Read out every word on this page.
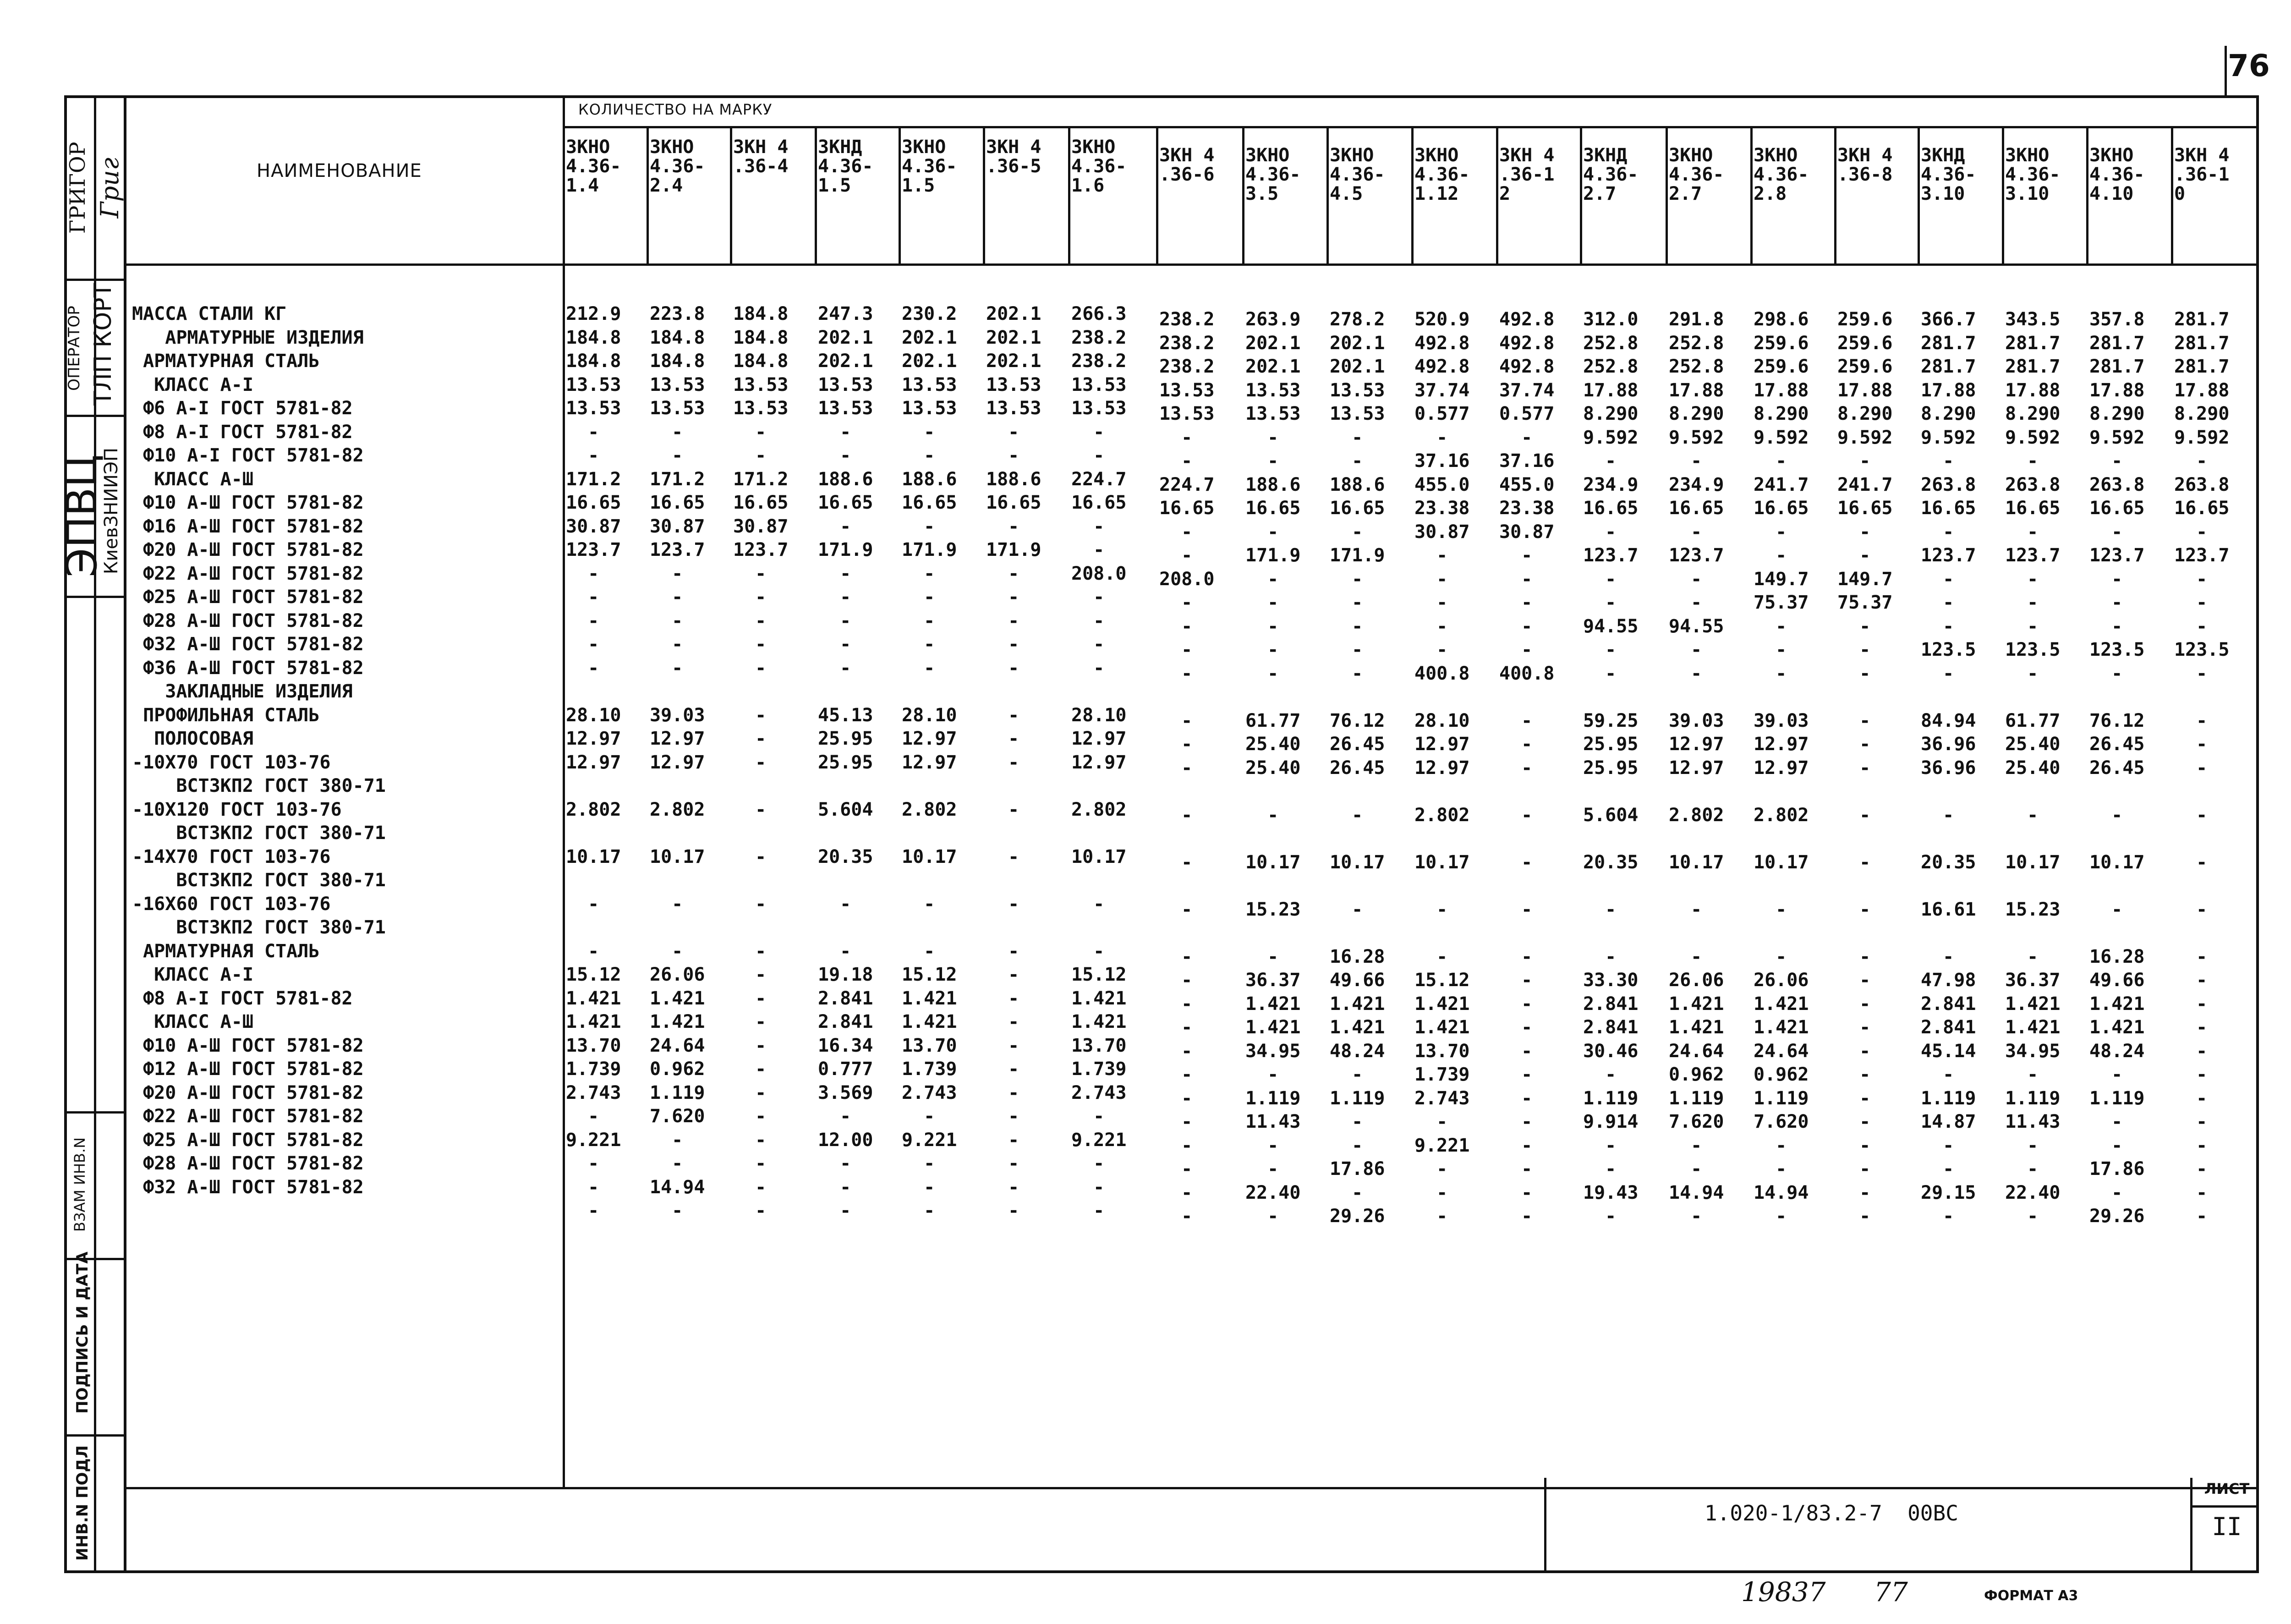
76
ГРИГОР Григ
ОПЕРАТОР ТЛП КОРТ
ЭПВЦ
КиевЗНИИЭП
ВЗАМ ИНВ.N
ПОДПИСЬ И ДАТА
ИНВ.N ПОДЛ
КОЛИЧЕСТВО НА МАРКУ
НАИМЕНОВАНИЕ
3КНО
4.36-
1.4
3КНО
4.36-
2.4
3КН 4
.36-4
3КНД
4.36-
1.5
3КНО
4.36-
1.5
3КН 4
.36-5
3КНО
4.36-
1.6
3КН 4
.36-6
3КНО
4.36-
3.5
3КНО
4.36-
4.5
3КНО
4.36-
1.12
3КН 4
.36-1
2
3КНД
4.36-
2.7
3КНО
4.36-
2.7
3КНО
4.36-
2.8
3КН 4
.36-8
3КНД
4.36-
3.10
3КНО
4.36-
3.10
3КНО
4.36-
4.10
3КН 4
.36-1
0
МАССА СТАЛИ КГ
АРМАТУРНЫЕ ИЗДЕЛИЯ
АРМАТУРНАЯ СТАЛЬ
КЛАСС А-I
Ф6 А-I ГОСТ 5781-82
Ф8 А-I ГОСТ 5781-82
Ф10 А-I ГОСТ 5781-82
КЛАСС А-Ш
Ф10 А-Ш ГОСТ 5781-82
Ф16 А-Ш ГОСТ 5781-82
Ф20 А-Ш ГОСТ 5781-82
Ф22 А-Ш ГОСТ 5781-82
Ф25 А-Ш ГОСТ 5781-82
Ф28 А-Ш ГОСТ 5781-82
Ф32 А-Ш ГОСТ 5781-82
Ф36 А-Ш ГОСТ 5781-82
ЗАКЛАДНЫЕ ИЗДЕЛИЯ
ПРОФИЛЬНАЯ СТАЛЬ
ПОЛОСОВАЯ
-10Х70 ГОСТ 103-76
ВСТ3КП2 ГОСТ 380-71
-10Х120 ГОСТ 103-76
ВСТ3КП2 ГОСТ 380-71
-14Х70 ГОСТ 103-76
ВСТ3КП2 ГОСТ 380-71
-16Х60 ГОСТ 103-76
ВСТ3КП2 ГОСТ 380-71
АРМАТУРНАЯ СТАЛЬ
КЛАСС А-I
Ф8 А-I ГОСТ 5781-82
КЛАСС А-Ш
Ф10 А-Ш ГОСТ 5781-82
Ф12 А-Ш ГОСТ 5781-82
Ф20 А-Ш ГОСТ 5781-82
Ф22 А-Ш ГОСТ 5781-82
Ф25 А-Ш ГОСТ 5781-82
Ф28 А-Ш ГОСТ 5781-82
Ф32 А-Ш ГОСТ 5781-82
212.9
184.8
184.8
13.53
13.53
-
-
171.2
16.65
30.87
123.7
-
-
-
-
-

28.10
12.97
12.97

2.802

10.17

-

-
15.12
1.421
1.421
13.70
1.739
2.743
-
9.221
-
-
-
223.8
184.8
184.8
13.53
13.53
-
-
171.2
16.65
30.87
123.7
-
-
-
-
-

39.03
12.97
12.97

2.802

10.17

-

-
26.06
1.421
1.421
24.64
0.962
1.119
7.620
-
-
14.94
-
184.8
184.8
184.8
13.53
13.53
-
-
171.2
16.65
30.87
123.7
-
-
-
-
-

-
-
-

-

-

-

-
-
-
-
-
-
-
-
-
-
-
-
247.3
202.1
202.1
13.53
13.53
-
-
188.6
16.65
-
171.9
-
-
-
-
-

45.13
25.95
25.95

5.604

20.35

-

-
19.18
2.841
2.841
16.34
0.777
3.569
-
12.00
-
-
-
230.2
202.1
202.1
13.53
13.53
-
-
188.6
16.65
-
171.9
-
-
-
-
-

28.10
12.97
12.97

2.802

10.17

-

-
15.12
1.421
1.421
13.70
1.739
2.743
-
9.221
-
-
-
202.1
202.1
202.1
13.53
13.53
-
-
188.6
16.65
-
171.9
-
-
-
-
-

-
-
-

-

-

-

-
-
-
-
-
-
-
-
-
-
-
-
266.3
238.2
238.2
13.53
13.53
-
-
224.7
16.65
-
-
208.0
-
-
-
-

28.10
12.97
12.97

2.802

10.17

-

-
15.12
1.421
1.421
13.70
1.739
2.743
-
9.221
-
-
-
238.2
238.2
238.2
13.53
13.53
-
-
224.7
16.65
-
-
208.0
-
-
-
-

-
-
-

-

-

-

-
-
-
-
-
-
-
-
-
-
-
-
263.9
202.1
202.1
13.53
13.53
-
-
188.6
16.65
-
171.9
-
-
-
-
-

61.77
25.40
25.40

-

10.17

15.23

-
36.37
1.421
1.421
34.95
-
1.119
11.43
-
-
22.40
-
278.2
202.1
202.1
13.53
13.53
-
-
188.6
16.65
-
171.9
-
-
-
-
-

76.12
26.45
26.45

-

10.17

-

16.28
49.66
1.421
1.421
48.24
-
1.119
-
-
17.86
-
29.26
520.9
492.8
492.8
37.74
0.577
-
37.16
455.0
23.38
30.87
-
-
-
-
-
400.8

28.10
12.97
12.97

2.802

10.17

-

-
15.12
1.421
1.421
13.70
1.739
2.743
-
9.221
-
-
-
492.8
492.8
492.8
37.74
0.577
-
37.16
455.0
23.38
30.87
-
-
-
-
-
400.8

-
-
-

-

-

-

-
-
-
-
-
-
-
-
-
-
-
-
312.0
252.8
252.8
17.88
8.290
9.592
-
234.9
16.65
-
123.7
-
-
94.55
-
-

59.25
25.95
25.95

5.604

20.35

-

-
33.30
2.841
2.841
30.46
-
1.119
9.914
-
-
19.43
-
291.8
252.8
252.8
17.88
8.290
9.592
-
234.9
16.65
-
123.7
-
-
94.55
-
-

39.03
12.97
12.97

2.802

10.17

-

-
26.06
1.421
1.421
24.64
0.962
1.119
7.620
-
-
14.94
-
298.6
259.6
259.6
17.88
8.290
9.592
-
241.7
16.65
-
-
149.7
75.37
-
-
-

39.03
12.97
12.97

2.802

10.17

-

-
26.06
1.421
1.421
24.64
0.962
1.119
7.620
-
-
14.94
-
259.6
259.6
259.6
17.88
8.290
9.592
-
241.7
16.65
-
-
149.7
75.37
-
-
-

-
-
-

-

-

-

-
-
-
-
-
-
-
-
-
-
-
-
366.7
281.7
281.7
17.88
8.290
9.592
-
263.8
16.65
-
123.7
-
-
-
123.5
-

84.94
36.96
36.96

-

20.35

16.61

-
47.98
2.841
2.841
45.14
-
1.119
14.87
-
-
29.15
-
343.5
281.7
281.7
17.88
8.290
9.592
-
263.8
16.65
-
123.7
-
-
-
123.5
-

61.77
25.40
25.40

-

10.17

15.23

-
36.37
1.421
1.421
34.95
-
1.119
11.43
-
-
22.40
-
357.8
281.7
281.7
17.88
8.290
9.592
-
263.8
16.65
-
123.7
-
-
-
123.5
-

76.12
26.45
26.45

-

10.17

-

16.28
49.66
1.421
1.421
48.24
-
1.119
-
-
17.86
-
29.26
281.7
281.7
281.7
17.88
8.290
9.592
-
263.8
16.65
-
123.7
-
-
-
123.5
-

-
-
-

-

-

-

-
-
-
-
-
-
-
-
-
-
-
-
1.020-1/83.2-7  00ВС
ЛИСТ
II
19837 77	ФОРМАТ А3
